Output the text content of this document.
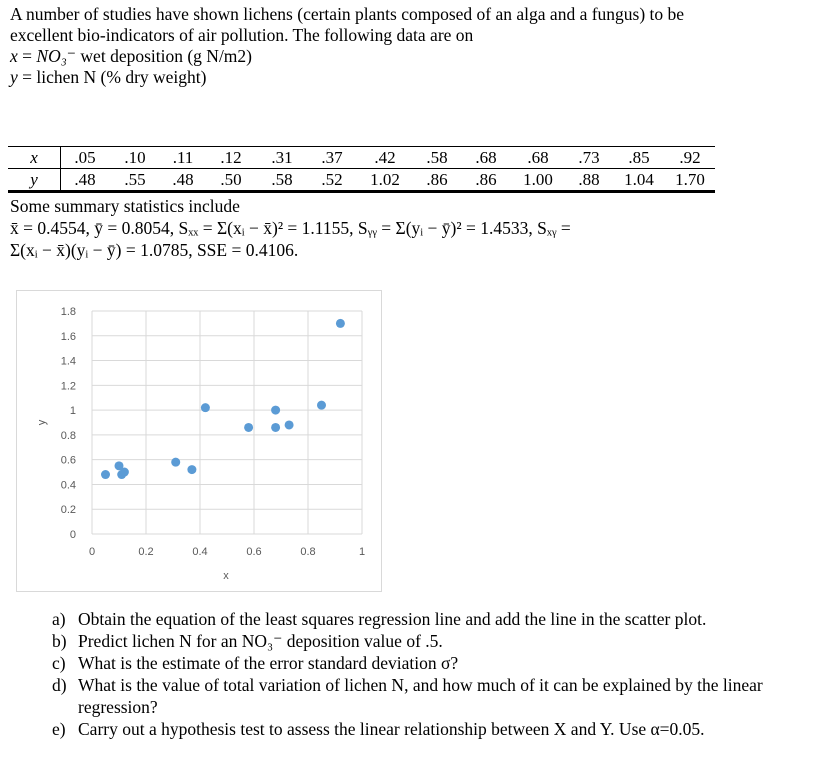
A number of studies have shown lichens (certain plants composed of an alga and a fungus) to be

excellent bio-indicators of air pollution. The following data are on

x = NO₃⁻ wet deposition (g N/m2)

y = lichen N (% dry weight)

x	.05	.10	.11	.12	.31	.37	.42	.58	.68	.68	.73	.85	.92
y	.48	.55	.48	.50	.58	.52	1.02	.86	.86	1.00	.88	1.04	1.70

Some summary statistics include

x̄ = 0.4554, ȳ = 0.8054, Sₓₓ = Σ(xᵢ − x̄)² = 1.1155, Sᵧᵧ = Σ(yᵢ − ȳ)² = 1.4533, Sₓᵧ =

Σ(xᵢ − x̄)(yᵢ − ȳ) = 1.0785, SSE = 0.4106.

0
0.2
0.4
0.6
0.8
1
1.2
1.4
1.6
1.8
0	0.2	0.4	0.6	0.8	1
x
y
a) Obtain the equation of the least squares regression line and add the line in the scatter plot.
b) Predict lichen N for an NO₃⁻ deposition value of .5.
c) What is the estimate of the error standard deviation σ?
d) What is the value of total variation of lichen N, and how much of it can be explained by the linear regression?
e) Carry out a hypothesis test to assess the linear relationship between X and Y. Use α=0.05.
